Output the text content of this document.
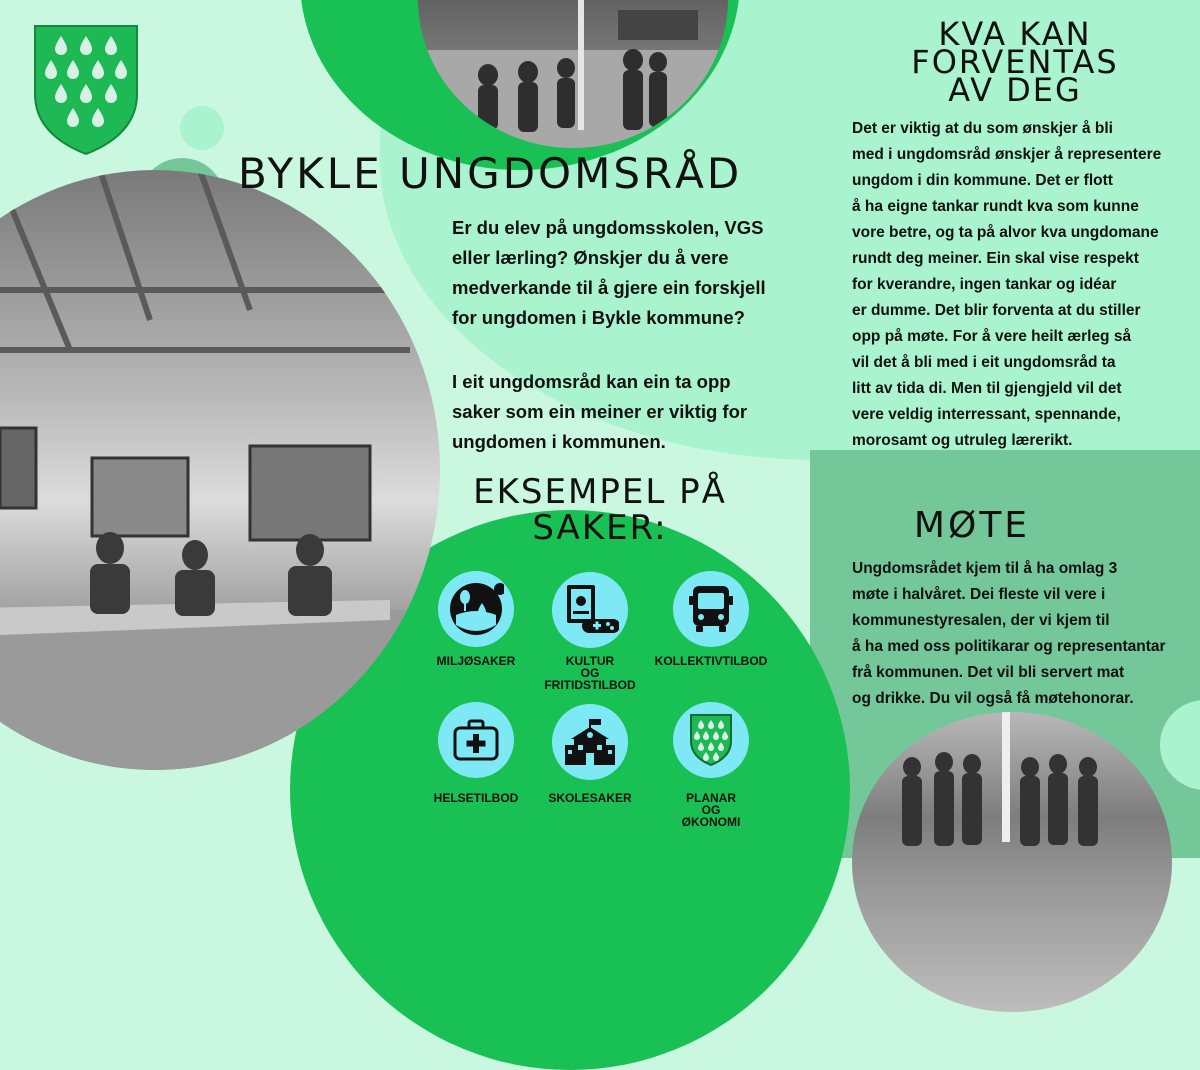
BYKLE UNGDOMSRÅD
Er du elev på ungdomsskolen, VGS eller lærling? Ønskjer du å vere medverkande til å gjere ein forskjell for ungdomen i Bykle kommune?
I eit ungdomsråd kan ein ta opp saker som ein meiner er viktig for ungdomen i kommunen.
EKSEMPEL PÅ
SAKER:
MILJØSAKER	KULTUR
OG
FRITIDSTILBOD
KOLLEKTIVTILBOD
HELSETILBOD	SKOLESAKER	PLANAR
OG
ØKONOMI
KVA KAN
FORVENTAS
AV DEG
Det er viktig at du som ønskjer å bli
med i ungdomsråd ønskjer å representere
ungdom i din kommune. Det er flott
å ha eigne tankar rundt kva som kunne
vore betre, og ta på alvor kva ungdomane
rundt deg meiner. Ein skal vise respekt
for kverandre, ingen tankar og idéar
er dumme. Det blir forventa at du stiller
opp på møte. For å vere heilt ærleg så
vil det å bli med i eit ungdomsråd ta
litt av tida di. Men til gjengjeld vil det
vere veldig interressant, spennande,
morosamt og utruleg lærerikt.
MØTE
Ungdomsrådet kjem til å ha omlag 3
møte i halvåret. Dei fleste vil vere i
kommunestyresalen, der vi kjem til
å ha med oss politikarar og representantar
frå kommunen. Det vil bli servert mat
og drikke. Du vil også få møtehonorar.
